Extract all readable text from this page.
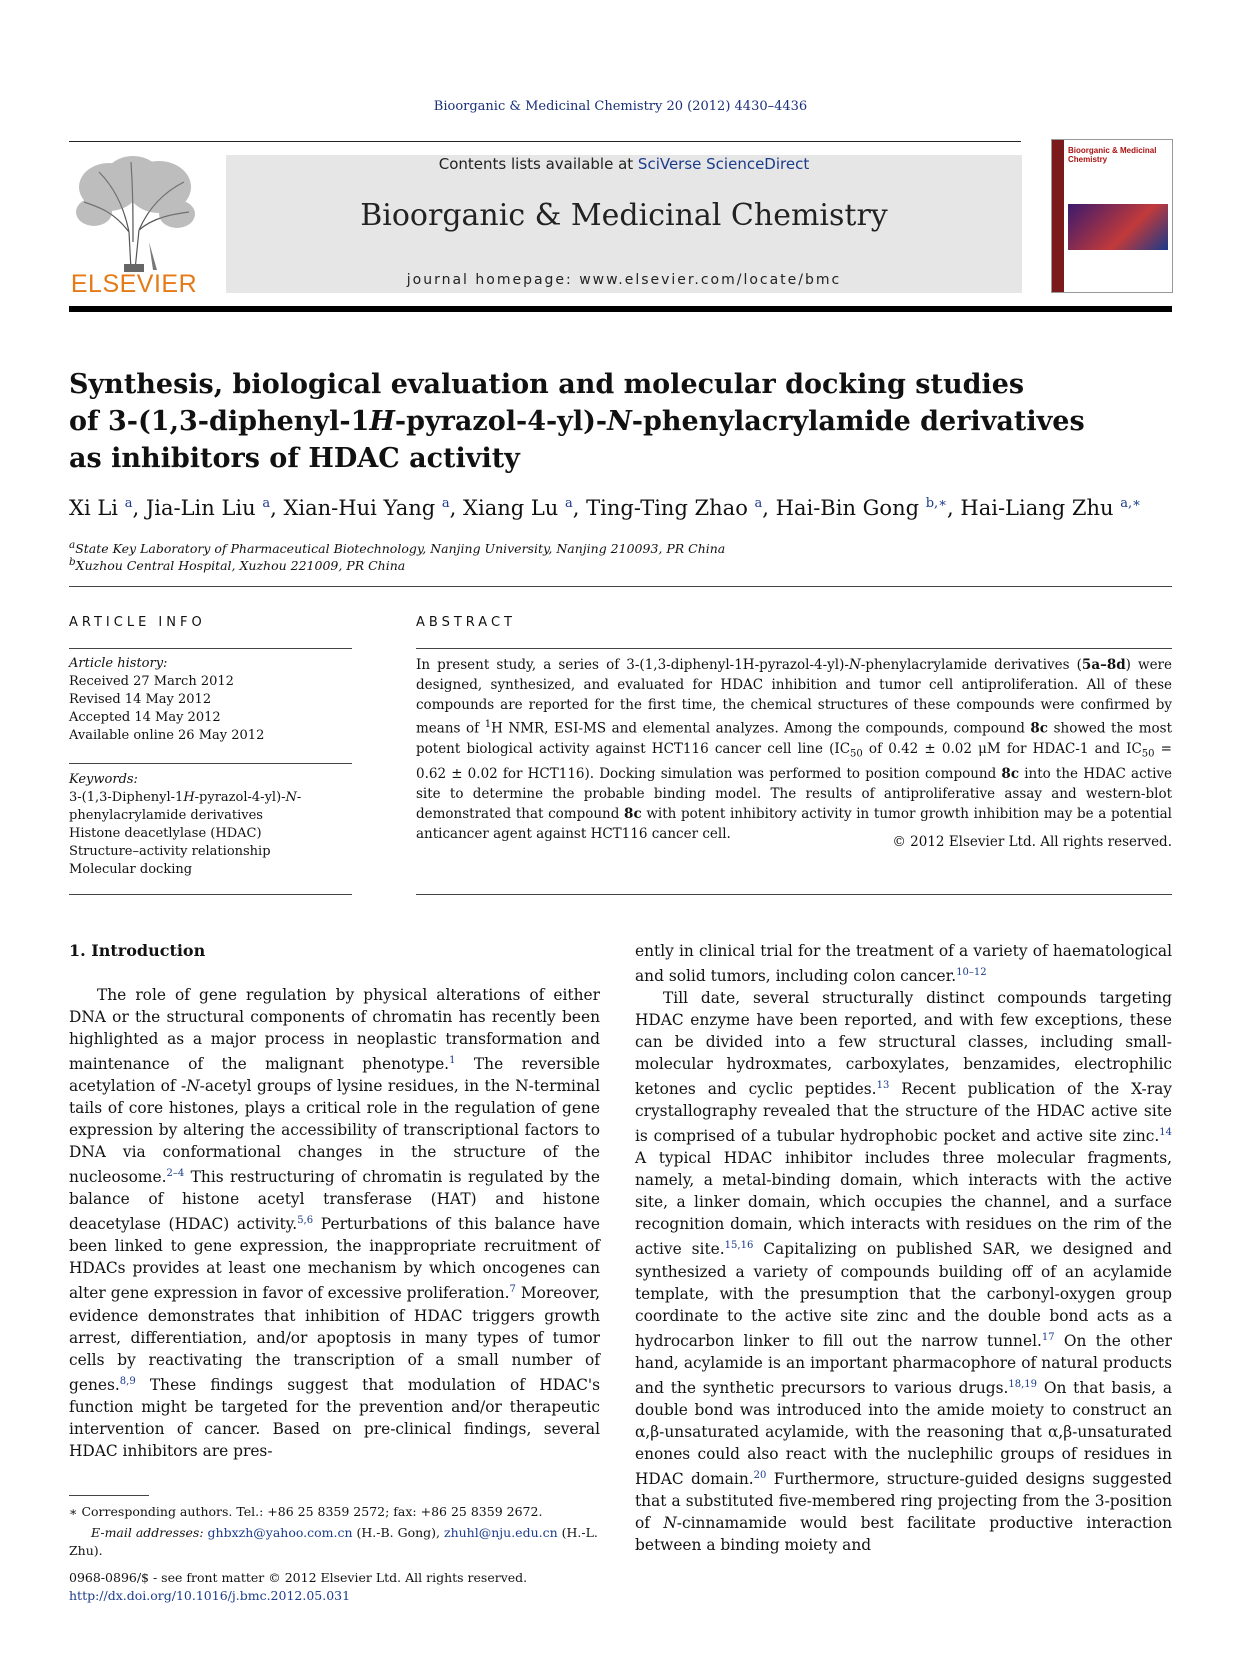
Bioorganic & Medicinal Chemistry 20 (2012) 4430–4436
ELSEVIER
Contents lists available at SciVerse ScienceDirect
Bioorganic & Medicinal Chemistry
journal homepage: www.elsevier.com/locate/bmc
Bioorganic & Medicinal Chemistry
Synthesis, biological evaluation and molecular docking studies
of 3-(1,3-diphenyl-1H-pyrazol-4-yl)-N-phenylacrylamide derivatives
as inhibitors of HDAC activity
Xi Li $^a$, Jia-Lin Liu $^a$, Xian-Hui Yang $^a$, Xiang Lu $^a$, Ting-Ting Zhao $^a$, Hai-Bin Gong $^{b,∗}$, Hai-Liang Zhu $^{a,∗}$
$^a$State Key Laboratory of Pharmaceutical Biotechnology, Nanjing University, Nanjing 210093, PR China
$^b$Xuzhou Central Hospital, Xuzhou 221009, PR China
ARTICLE INFO
Article history:
Received 27 March 2012
Revised 14 May 2012
Accepted 14 May 2012
Available online 26 May 2012
Keywords:
3-(1,3-Diphenyl-1H-pyrazol-4-yl)-N-
phenylacrylamide derivatives
Histone deacetlylase (HDAC)
Structure–activity relationship
Molecular docking
ABSTRACT
In present study, a series of 3-(1,3-diphenyl-1H-pyrazol-4-yl)-N-phenylacrylamide derivatives (5a–8d) were designed, synthesized, and evaluated for HDAC inhibition and tumor cell antiproliferation. All of these compounds are reported for the first time, the chemical structures of these compounds were confirmed by means of $^1$H NMR, ESI-MS and elemental analyzes. Among the compounds, compound 8c showed the most potent biological activity against HCT116 cancer cell line ($IC_{50}$ of 0.42 ± 0.02 μM for HDAC-1 and $IC_{50} = 0.62 \pm 0.02$ for HCT116). Docking simulation was performed to position compound 8c into the HDAC active site to determine the probable binding model. The results of antiproliferative assay and western-blot demonstrated that compound 8c with potent inhibitory activity in tumor growth inhibition may be a potential anticancer agent against HCT116 cancer cell.	© 2012 Elsevier Ltd. All rights reserved.
1. Introduction

The role of gene regulation by physical alterations of either DNA or the structural components of chromatin has recently been highlighted as a major process in neoplastic transformation and maintenance of the malignant phenotype.$^1$ The reversible acetylation of -N-acetyl groups of lysine residues, in the N-terminal tails of core histones, plays a critical role in the regulation of gene expression by altering the accessibility of transcriptional factors to DNA via conformational changes in the structure of the nucleosome.$^{2-4}$ This restructuring of chromatin is regulated by the balance of histone acetyl transferase (HAT) and histone deacetylase (HDAC) activity.$^{5,6}$ Perturbations of this balance have been linked to gene expression, the inappropriate recruitment of HDACs provides at least one mechanism by which oncogenes can alter gene expression in favor of excessive proliferation.$^7$ Moreover, evidence demonstrates that inhibition of HDAC triggers growth arrest, differentiation, and/or apoptosis in many types of tumor cells by reactivating the transcription of a small number of genes.$^{8,9}$ These findings suggest that modulation of HDAC's function might be targeted for the prevention and/or therapeutic intervention of cancer. Based on pre-clinical findings, several HDAC inhibitors are pres-

ently in clinical trial for the treatment of a variety of haematological and solid tumors, including colon cancer.$^{10-12}$

Till date, several structurally distinct compounds targeting HDAC enzyme have been reported, and with few exceptions, these can be divided into a few structural classes, including small-molecular hydroxmates, carboxylates, benzamides, electrophilic ketones and cyclic peptides.$^{13}$ Recent publication of the X-ray crystallography revealed that the structure of the HDAC active site is comprised of a tubular hydrophobic pocket and active site zinc.$^{14}$ A typical HDAC inhibitor includes three molecular fragments, namely, a metal-binding domain, which interacts with the active site, a linker domain, which occupies the channel, and a surface recognition domain, which interacts with residues on the rim of the active site.$^{15,16}$ Capitalizing on published SAR, we designed and synthesized a variety of compounds building off of an acylamide template, with the presumption that the carbonyl-oxygen group coordinate to the active site zinc and the double bond acts as a hydrocarbon linker to fill out the narrow tunnel.$^{17}$ On the other hand, acylamide is an important pharmacophore of natural products and the synthetic precursors to various drugs.$^{18,19}$ On that basis, a double bond was introduced into the amide moiety to construct an α,β-unsaturated acylamide, with the reasoning that α,β-unsaturated enones could also react with the nuclephilic groups of residues in HDAC domain.$^{20}$ Furthermore, structure-guided designs suggested that a substituted five-membered ring projecting from the 3-position of N-cinnamamide would best facilitate productive interaction between a binding moiety and

∗ Corresponding authors. Tel.: +86 25 8359 2572; fax: +86 25 8359 2672.
E-mail addresses: ghbxzh@yahoo.com.cn (H.-B. Gong), zhuhl@nju.edu.cn (H.-L. Zhu).
0968-0896/$ - see front matter © 2012 Elsevier Ltd. All rights reserved.
http://dx.doi.org/10.1016/j.bmc.2012.05.031
